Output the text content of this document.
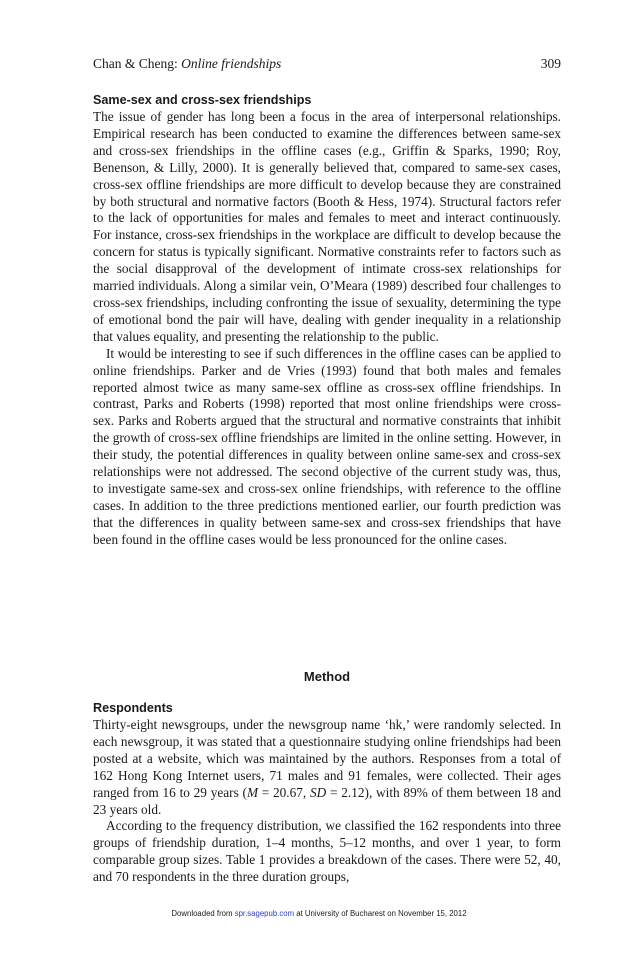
Chan & Cheng: Online friendships	309
Same-sex and cross-sex friendships

The issue of gender has long been a focus in the area of interpersonal relationships. Empirical research has been conducted to examine the differences between same-sex and cross-sex friendships in the offline cases (e.g., Griffin & Sparks, 1990; Roy, Benenson, & Lilly, 2000). It is generally believed that, compared to same-sex cases, cross-sex offline friendships are more difficult to develop because they are constrained by both structural and normative factors (Booth & Hess, 1974). Structural factors refer to the lack of opportunities for males and females to meet and interact continuously. For instance, cross-sex friendships in the workplace are difficult to develop because the concern for status is typically significant. Normative constraints refer to factors such as the social disapproval of the development of intimate cross-sex relationships for married individuals. Along a similar vein, O’Meara (1989) described four challenges to cross-sex friendships, including confronting the issue of sexuality, determining the type of emotional bond the pair will have, dealing with gender inequality in a relationship that values equality, and presenting the relationship to the public.

It would be interesting to see if such differences in the offline cases can be applied to online friendships. Parker and de Vries (1993) found that both males and females reported almost twice as many same-sex offline as cross-sex offline friendships. In contrast, Parks and Roberts (1998) reported that most online friendships were cross-sex. Parks and Roberts argued that the structural and normative constraints that inhibit the growth of cross-sex offline friendships are limited in the online setting. However, in their study, the potential differences in quality between online same-sex and cross-sex relationships were not addressed. The second objective of the current study was, thus, to investigate same-sex and cross-sex online friendships, with reference to the offline cases. In addition to the three predictions mentioned earlier, our fourth prediction was that the differences in quality between same-sex and cross-sex friendships that have been found in the offline cases would be less pronounced for the online cases.

Method
Respondents

Thirty-eight newsgroups, under the newsgroup name ‘hk,’ were randomly selected. In each newsgroup, it was stated that a questionnaire studying online friendships had been posted at a website, which was maintained by the authors. Responses from a total of 162 Hong Kong Internet users, 71 males and 91 females, were collected. Their ages ranged from 16 to 29 years (M = 20.67, SD = 2.12), with 89% of them between 18 and 23 years old.

According to the frequency distribution, we classified the 162 respondents into three groups of friendship duration, 1–4 months, 5–12 months, and over 1 year, to form comparable group sizes. Table 1 provides a breakdown of the cases. There were 52, 40, and 70 respondents in the three duration groups,

Downloaded from spr.sagepub.com at University of Bucharest on November 15, 2012
